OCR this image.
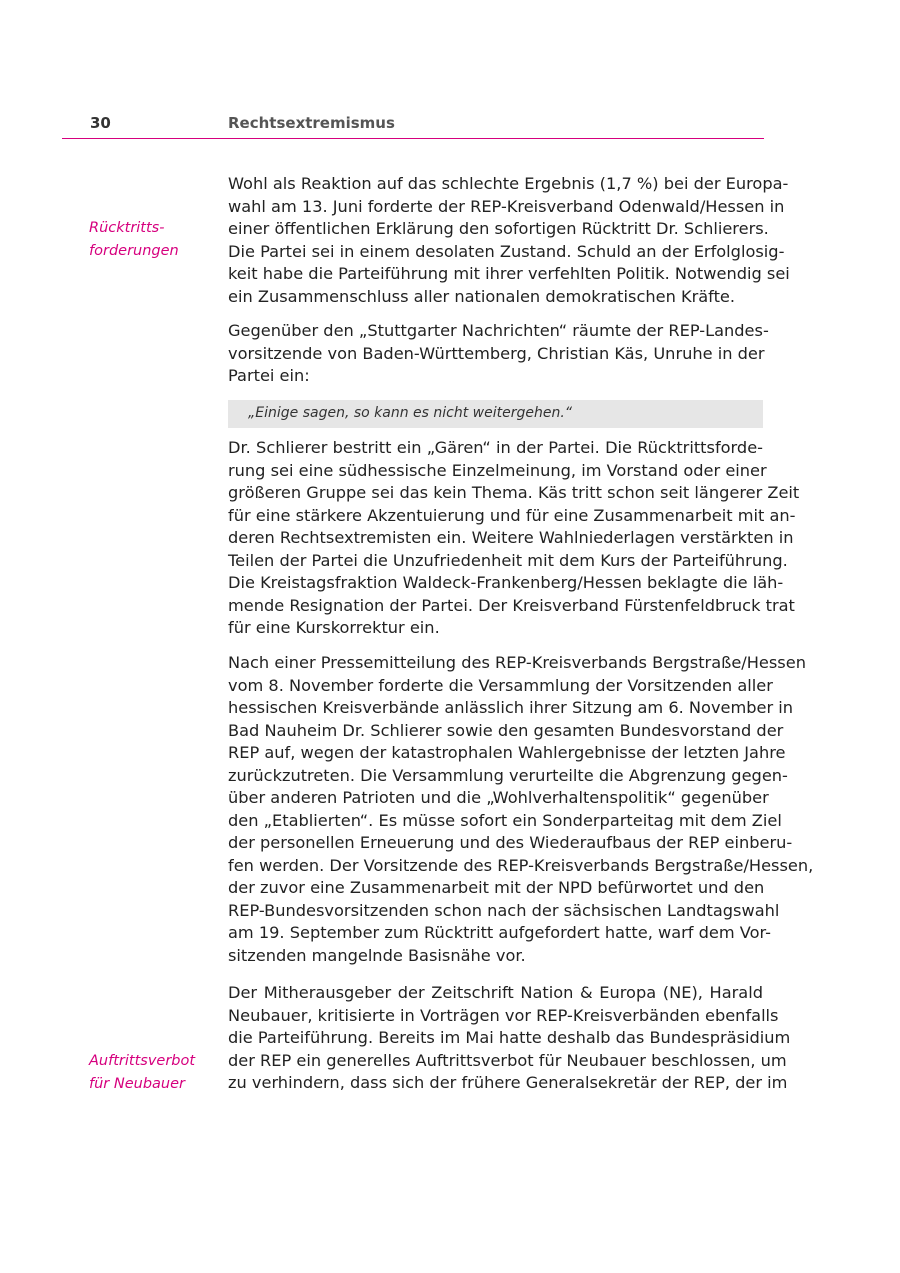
30	Rechtsextremismus
Rücktritts-
forderungen
Auftrittsverbot
für Neubauer
Wohl als Reaktion auf das schlechte Ergebnis (1,7 %) bei der Europa-
wahl am 13. Juni forderte der REP-Kreisverband Odenwald/Hessen in
einer öffentlichen Erklärung den sofortigen Rücktritt Dr. Schlierers.
Die Partei sei in einem desolaten Zustand. Schuld an der Erfolglosig-
keit habe die Parteiführung mit ihrer verfehlten Politik. Notwendig sei
ein Zusammenschluss aller nationalen demokratischen Kräfte.
Gegenüber den „Stuttgarter Nachrichten“ räumte der REP-Landes-
vorsitzende von Baden-Württemberg, Christian Käs, Unruhe in der
Partei ein:
„Einige sagen, so kann es nicht weitergehen.“
Dr. Schlierer bestritt ein „Gären“ in der Partei. Die Rücktrittsforde-
rung sei eine südhessische Einzelmeinung, im Vorstand oder einer
größeren Gruppe sei das kein Thema. Käs tritt schon seit längerer Zeit
für eine stärkere Akzentuierung und für eine Zusammenarbeit mit an-
deren Rechtsextremisten ein. Weitere Wahlniederlagen verstärkten in
Teilen der Partei die Unzufriedenheit mit dem Kurs der Parteiführung.
Die Kreistagsfraktion Waldeck-Frankenberg/Hessen beklagte die läh-
mende Resignation der Partei. Der Kreisverband Fürstenfeldbruck trat
für eine Kurskorrektur ein.
Nach einer Pressemitteilung des REP-Kreisverbands Bergstraße/Hessen
vom 8. November forderte die Versammlung der Vorsitzenden aller
hessischen Kreisverbände anlässlich ihrer Sitzung am 6. November in
Bad Nauheim Dr. Schlierer sowie den gesamten Bundesvorstand der
REP auf, wegen der katastrophalen Wahlergebnisse der letzten Jahre
zurückzutreten. Die Versammlung verurteilte die Abgrenzung gegen-
über anderen Patrioten und die „Wohlverhaltenspolitik“ gegenüber
den „Etablierten“. Es müsse sofort ein Sonderparteitag mit dem Ziel
der personellen Erneuerung und des Wiederaufbaus der REP einberu-
fen werden. Der Vorsitzende des REP-Kreisverbands Bergstraße/Hessen,
der zuvor eine Zusammenarbeit mit der NPD befürwortet und den
REP-Bundesvorsitzenden schon nach der sächsischen Landtagswahl
am 19. September zum Rücktritt aufgefordert hatte, warf dem Vor-
sitzenden mangelnde Basisnähe vor.
Der Mitherausgeber der Zeitschrift Nation & Europa (NE), Harald
Neubauer, kritisierte in Vorträgen vor REP-Kreisverbänden ebenfalls
die Parteiführung. Bereits im Mai hatte deshalb das Bundespräsidium
der REP ein generelles Auftrittsverbot für Neubauer beschlossen, um
zu verhindern, dass sich der frühere Generalsekretär der REP, der im
